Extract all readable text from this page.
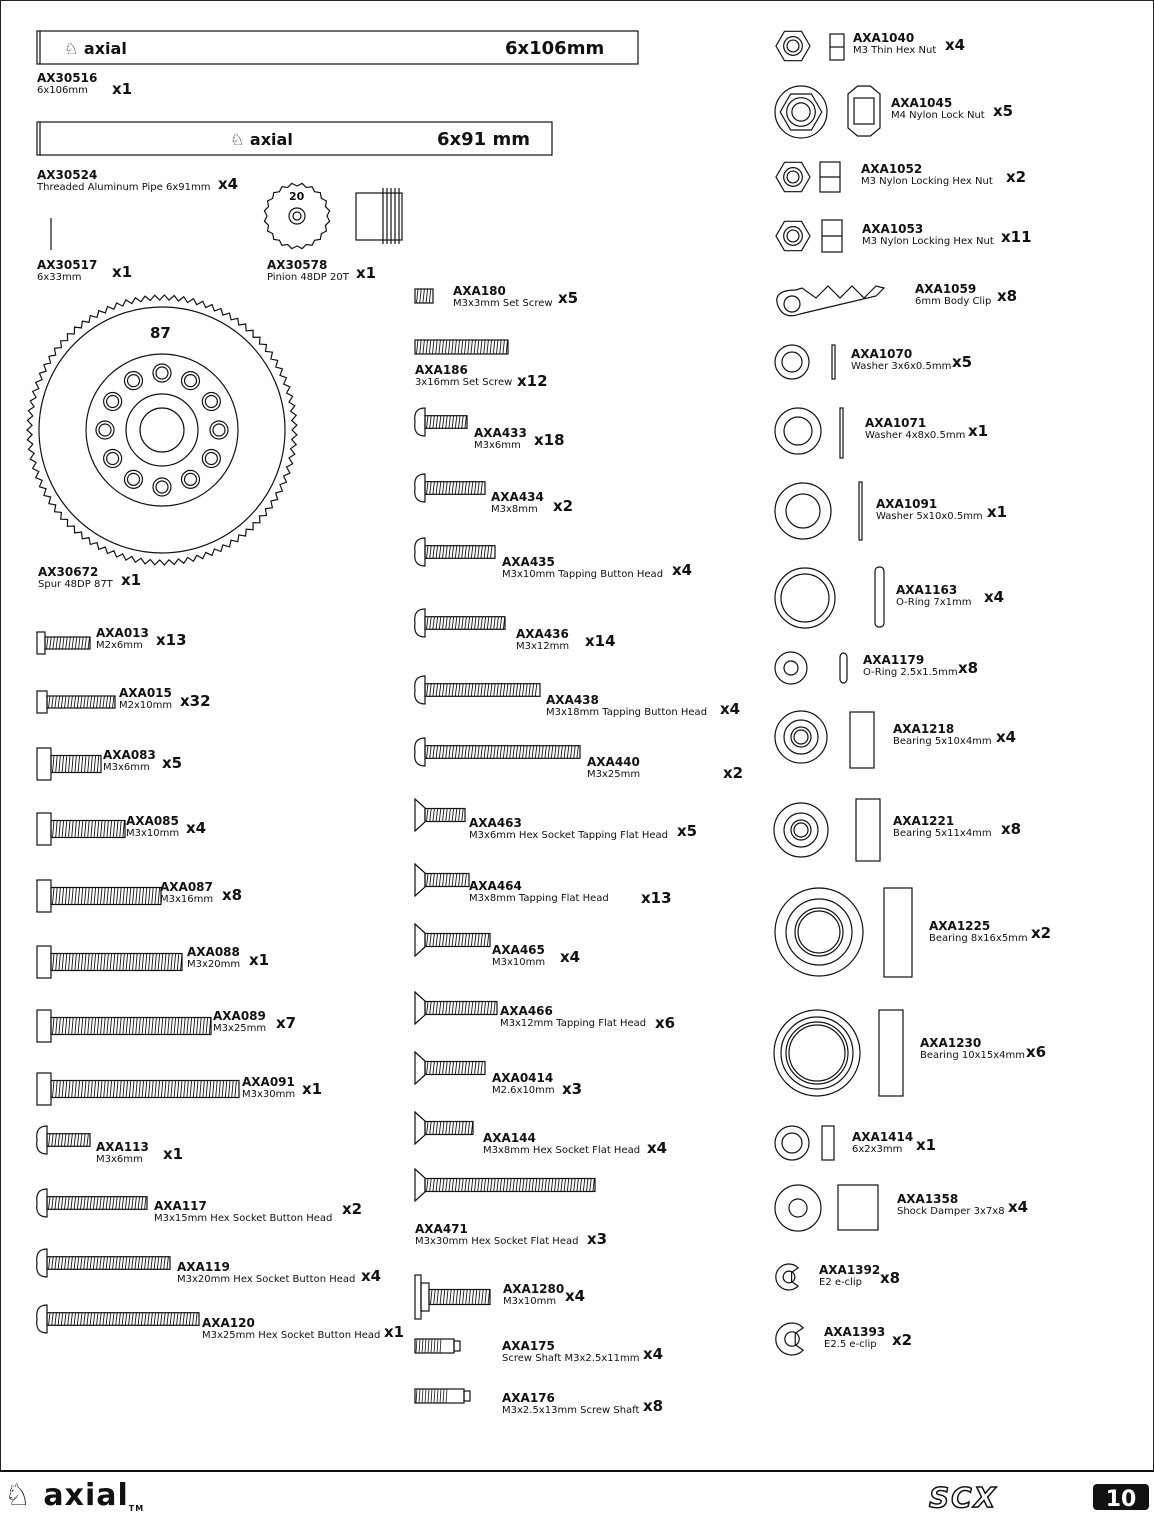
♘ axial	6x106mm
♘ axial	6x91 mm
20
87
AX30516
6x106mm	x1
AX30524
Threaded Aluminum Pipe 6x91mm x4
AX30517
6x33mm	x1	AX30578
Pinion 48DP 20T x1
AX30672
Spur 48DP 87T x1
AXA013
M2x6mm x13
AXA015
M2x10mm x32
AXA083
M3x6mm x5
AXA085
M3x10mm x4
AXA087
M3x16mm x8
AXA088
M3x20mm x1
AXA089
M3x25mm x7
AXA091
M3x30mm x1
AXA113
M3x6mm	x1
AXA117
M3x15mm Hex Socket Button Head
x2
AXA119
M3x20mm Hex Socket Button Head x4
AXA120
M3x25mm Hex Socket Button Head x1
AXA180
M3x3mm Set Screw x5
AXA186
3x16mm Set Screw x12
AXA433
M3x6mm x18
AXA434
M3x8mm	x2
AXA435
M3x10mm Tapping Button Head x4
AXA436
M3x12mm x14
AXA438
M3x18mm Tapping Button Head x4
AXA440
M3x25mm	x2
AXA463
M3x6mm Hex Socket Tapping Flat Head x5
AXA464
M3x8mm Tapping Flat Head x13
AXA465
M3x10mm x4
AXA466
M3x12mm Tapping Flat Head x6
AXA0414
M2.6x10mm x3
AXA144
M3x8mm Hex Socket Flat Head x4
AXA471
M3x30mm Hex Socket Flat Head x3
AXA1280
M3x10mm x4
AXA175
Screw Shaft M3x2.5x11mm x4
AXA176
M3x2.5x13mm Screw Shaft x8
AXA1040
M3 Thin Hex Nut x4
AXA1045
M4 Nylon Lock Nut x5
AXA1052
M3 Nylon Locking Hex Nut x2
AXA1053
M3 Nylon Locking Hex Nut x11
AXA1059
6mm Body Clip x8
AXA1070
Washer 3x6x0.5mm x5
AXA1071
Washer 4x8x0.5mm x1
AXA1091
Washer 5x10x0.5mm x1
AXA1163
O-Ring 7x1mm x4
AXA1179
O-Ring 2.5x1.5mm x8
AXA1218
Bearing 5x10x4mm x4
AXA1221
Bearing 5x11x4mm x8
AXA1225
Bearing 8x16x5mm x2
AXA1230
Bearing 10x15x4mm x6
AXA1414
6x2x3mm x1
AXA1358
Shock Damper 3x7x8 x4
AXA1392
E2 e-clip	x8
AXA1393
E2.5 e-clip	x2
♘ axialTM	SCX	10
